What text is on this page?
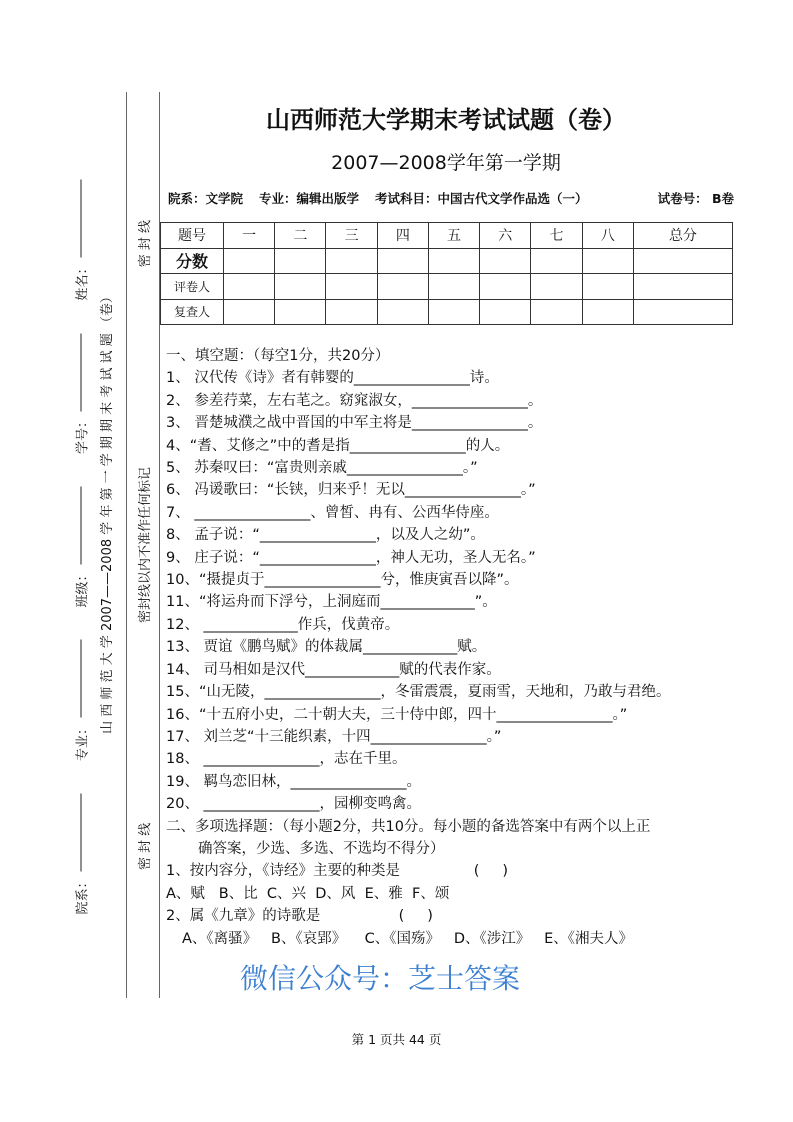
院系：
专业：
班级：
学号：
姓名：
山 西 师 范 大 学 2007——2008 学 年 第 一 学 期 期 末 考 试 试 题 （卷）
密 封 线
密封线以内不准作任何标记
密 封 线
山西师范大学期末考试试题（卷）
2007—2008学年第一学期
院系：文学院 专业：编辑出版学 考试科目：中国古代文学作品选（一）	试卷号： B卷
题号	一	二	三	四	五	六	七	八	总分
分数									
评卷人									
复查人									
一、填空题：（每空1分，共20分）
1、 汉代传《诗》者有韩婴的________________诗。
2、 参差荇菜，左右芼之。窈窕淑女，________________。
3、 晋楚城濮之战中晋国的中军主将是________________。
4、“耆、艾修之”中的耆是指________________的人。
5、 苏秦叹曰：“富贵则亲戚________________。”
6、 冯谖歌曰：“长铗，归来乎！无以________________。”
7、 ________________、曾皙、冉有、公西华侍座。
8、 孟子说：“________________，以及人之幼”。
9、 庄子说：“________________，神人无功，圣人无名。”
10、“摄提贞于________________兮，惟庚寅吾以降”。
11、“将运舟而下浮兮，上洞庭而_____________”。
12、 _____________作兵，伐黄帝。
13、 贾谊《鹏鸟赋》的体裁属_____________赋。
14、 司马相如是汉代_____________赋的代表作家。
15、“山无陵，________________，冬雷震震，夏雨雪，天地和，乃敢与君绝。
16、“十五府小史，二十朝大夫，三十侍中郎，四十________________。”
17、 刘兰芝“十三能织素，十四________________。”
18、 ________________，志在千里。
19、 羁鸟恋旧林，________________。
20、 ________________，园柳变鸣禽。
二、多项选择题：（每小题2分，共10分。每小题的备选答案中有两个以上正
确答案，少选、多选、不选均不得分）
1、按内容分，《诗经》主要的种类是                (     )
A、赋   B、比  C、兴  D、风  E、雅  F、颂
2、属《九章》的诗歌是                 (     )
A、《离骚》   B、《哀郢》    C、《国殇》   D、《涉江》   E、《湘夫人》
微信公众号：芝士答案
第 1 页共 44 页
